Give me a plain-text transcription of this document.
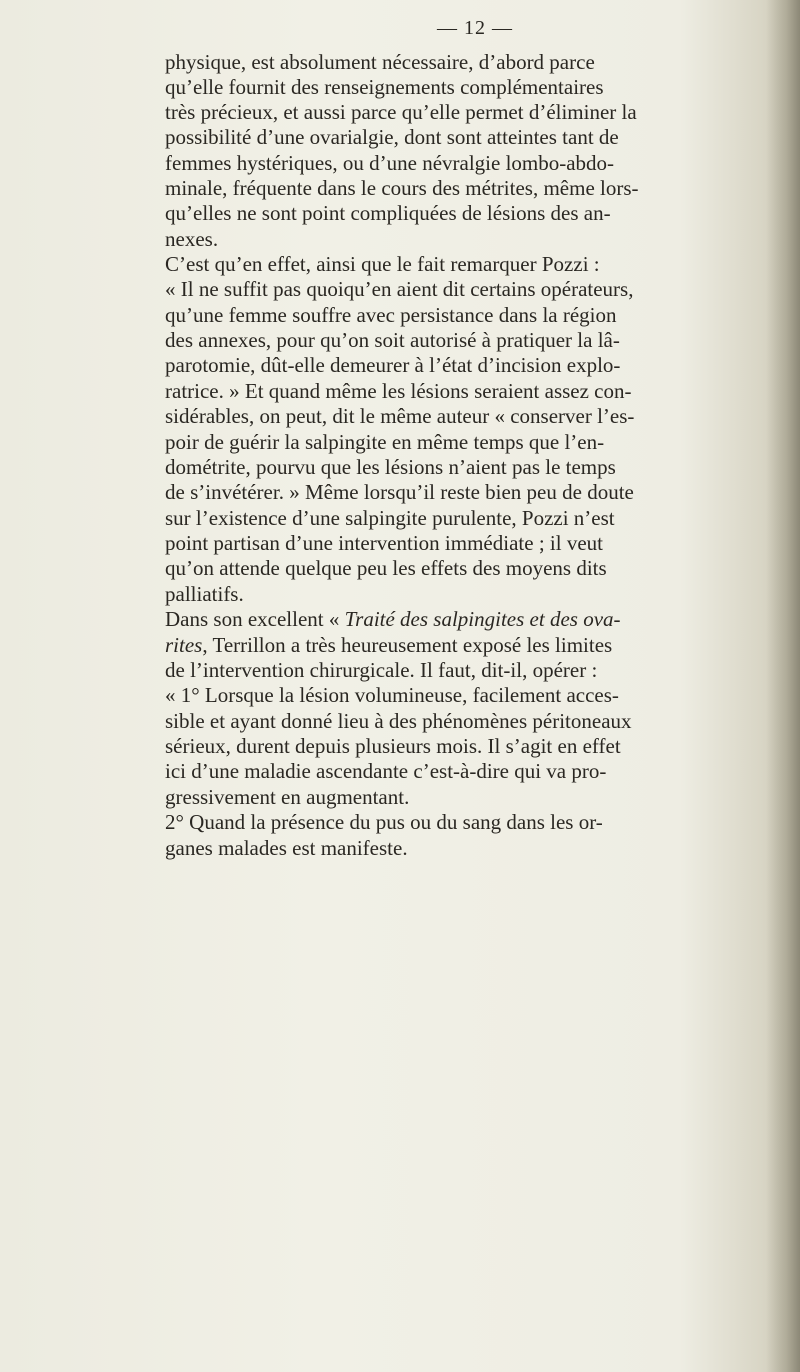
— 12 —
physique, est absolument nécessaire, d’abord parce
qu’elle fournit des renseignements complémentaires
très précieux, et aussi parce qu’elle permet d’éliminer la
possibilité d’une ovarialgie, dont sont atteintes tant de
femmes hystériques, ou d’une névralgie lombo-abdo-
minale, fréquente dans le cours des métrites, même lors-
qu’elles ne sont point compliquées de lésions des an-
nexes.
C’est qu’en effet, ainsi que le fait remarquer Pozzi :
« Il ne suffit pas quoiqu’en aient dit certains opérateurs,
qu’une femme souffre avec persistance dans la région
des annexes, pour qu’on soit autorisé à pratiquer la lâ-
parotomie, dût-elle demeurer à l’état d’incision explo-
ratrice. » Et quand même les lésions seraient assez con-
sidérables, on peut, dit le même auteur « conserver l’es-
poir de guérir la salpingite en même temps que l’en-
dométrite, pourvu que les lésions n’aient pas le temps
de s’invétérer. » Même lorsqu’il reste bien peu de doute
sur l’existence d’une salpingite purulente, Pozzi n’est
point partisan d’une intervention immédiate ; il veut
qu’on attende quelque peu les effets des moyens dits
palliatifs.
Dans son excellent « Traité des salpingites et des ova-
rites, Terrillon a très heureusement exposé les limites
de l’intervention chirurgicale. Il faut, dit-il, opérer :
« 1° Lorsque la lésion volumineuse, facilement acces-
sible et ayant donné lieu à des phénomènes péritoneaux
sérieux, durent depuis plusieurs mois. Il s’agit en effet
ici d’une maladie ascendante c’est-à-dire qui va pro-
gressivement en augmentant.
2° Quand la présence du pus ou du sang dans les or-
ganes malades est manifeste.
